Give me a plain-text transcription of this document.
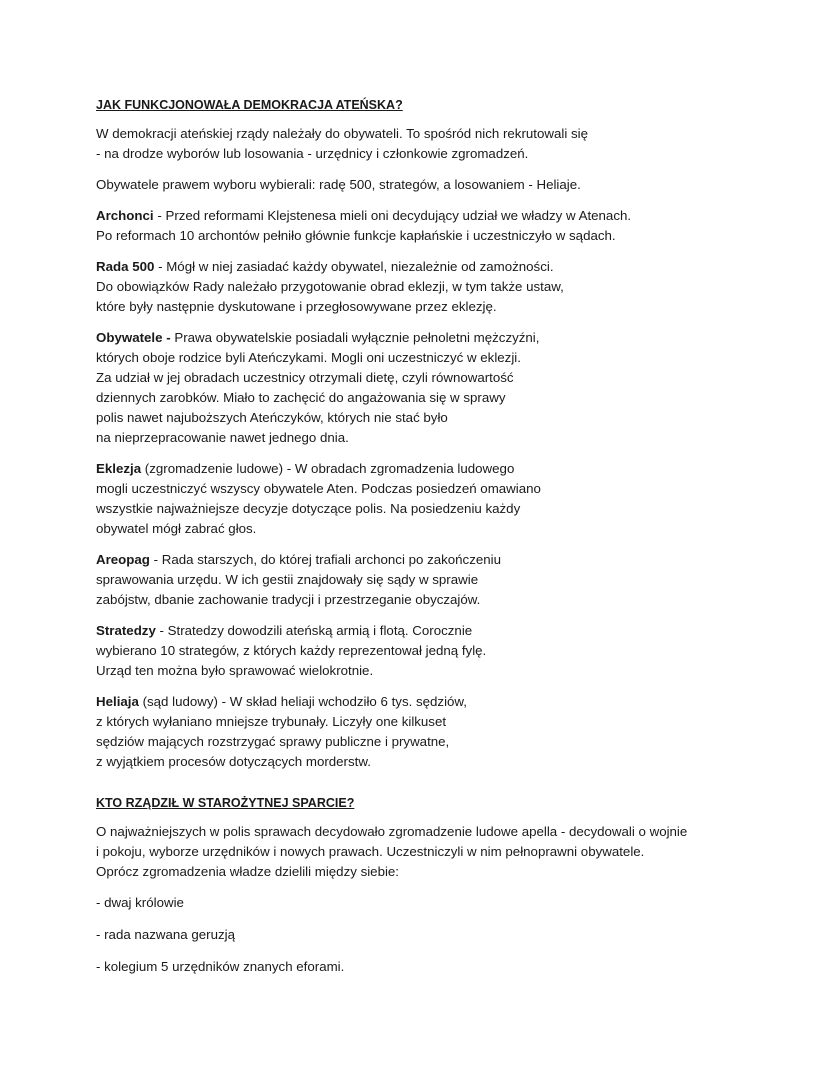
JAK FUNKCJONOWAŁA DEMOKRACJA ATEŃSKA?
W demokracji ateńskiej rządy należały do obywateli. To spośród nich rekrutowali się
- na drodze wyborów lub losowania - urzędnicy i członkowie zgromadzeń.
Obywatele prawem wyboru wybierali: radę 500, strategów, a losowaniem - Heliaje.
Archonci - Przed reformami Klejstenesa mieli oni decydujący udział we władzy w Atenach.
Po reformach 10 archontów pełniło głównie funkcje kapłańskie i uczestniczyło w sądach.
Rada 500 - Mógł w niej zasiadać każdy obywatel, niezależnie od zamożności.
Do obowiązków Rady należało przygotowanie obrad eklezji, w tym także ustaw,
które były następnie dyskutowane i przegłosowywane przez eklezję.
Obywatele - Prawa obywatelskie posiadali wyłącznie pełnoletni mężczyźni,
których oboje rodzice byli Ateńczykami. Mogli oni uczestniczyć w eklezji.
Za udział w jej obradach uczestnicy otrzymali dietę, czyli równowartość
dziennych zarobków. Miało to zachęcić do angażowania się w sprawy
polis nawet najuboższych Ateńczyków, których nie stać było
na nieprzepracowanie nawet jednego dnia.
Eklezja (zgromadzenie ludowe) - W obradach zgromadzenia ludowego
mogli uczestniczyć wszyscy obywatele Aten. Podczas posiedzeń omawiano
wszystkie najważniejsze decyzje dotyczące polis. Na posiedzeniu każdy
obywatel mógł zabrać głos.
Areopag - Rada starszych, do której trafiali archonci po zakończeniu
sprawowania urzędu. W ich gestii znajdowały się sądy w sprawie
zabójstw, dbanie zachowanie tradycji i przestrzeganie obyczajów.
Stratedzy - Stratedzy dowodzili ateńską armią i flotą. Corocznie
wybierano 10 strategów, z których każdy reprezentował jedną fylę.
Urząd ten można było sprawować wielokrotnie.
Heliaja (sąd ludowy) - W skład heliaji wchodziło 6 tys. sędziów,
z których wyłaniano mniejsze trybunały. Liczyły one kilkuset
sędziów mających rozstrzygać sprawy publiczne i prywatne,
z wyjątkiem procesów dotyczących morderstw.
KTO RZĄDZIŁ W STAROŻYTNEJ SPARCIE?
O najważniejszych w polis sprawach decydowało zgromadzenie ludowe apella - decydowali o wojnie
i pokoju, wyborze urzędników i nowych prawach. Uczestniczyli w nim pełnoprawni obywatele.
Oprócz zgromadzenia władze dzielili między siebie:
- dwaj królowie
- rada nazwana geruzją
- kolegium 5 urzędników znanych eforami.
